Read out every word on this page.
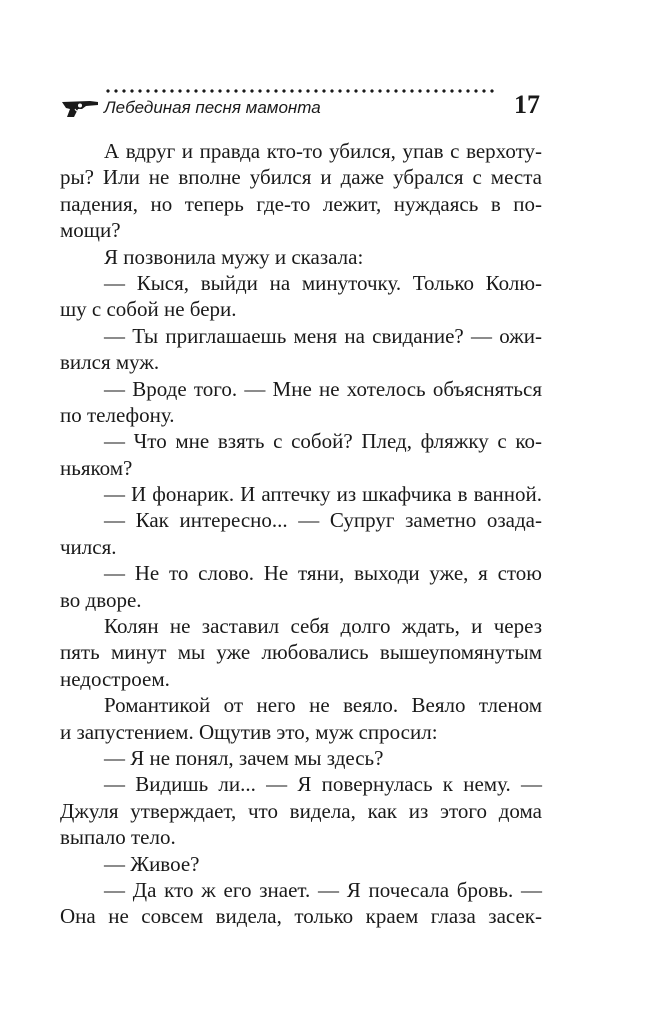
Лебединая песня мамонта	17
А вдруг и правда кто-то убился, упав с верхоту-
ры? Или не вполне убился и даже убрался с места
падения, но теперь где-то лежит, нуждаясь в по-
мощи?
Я позвонила мужу и сказала:
— Кыся, выйди на минуточку. Только Колю-
шу с собой не бери.
— Ты приглашаешь меня на свидание? — ожи-
вился муж.
— Вроде того. — Мне не хотелось объясняться
по телефону.
— Что мне взять с собой? Плед, фляжку с ко-
ньяком?
— И фонарик. И аптечку из шкафчика в ванной.
— Как интересно... — Супруг заметно озада-
чился.
— Не то слово. Не тяни, выходи уже, я стою
во дворе.
Колян не заставил себя долго ждать, и через
пять минут мы уже любовались вышеупомянутым
недостроем.
Романтикой от него не веяло. Веяло тленом
и запустением. Ощутив это, муж спросил:
— Я не понял, зачем мы здесь?
— Видишь ли... — Я повернулась к нему. —
Джуля утверждает, что видела, как из этого дома
выпало тело.
— Живое?
— Да кто ж его знает. — Я почесала бровь. —
Она не совсем видела, только краем глаза засек-
